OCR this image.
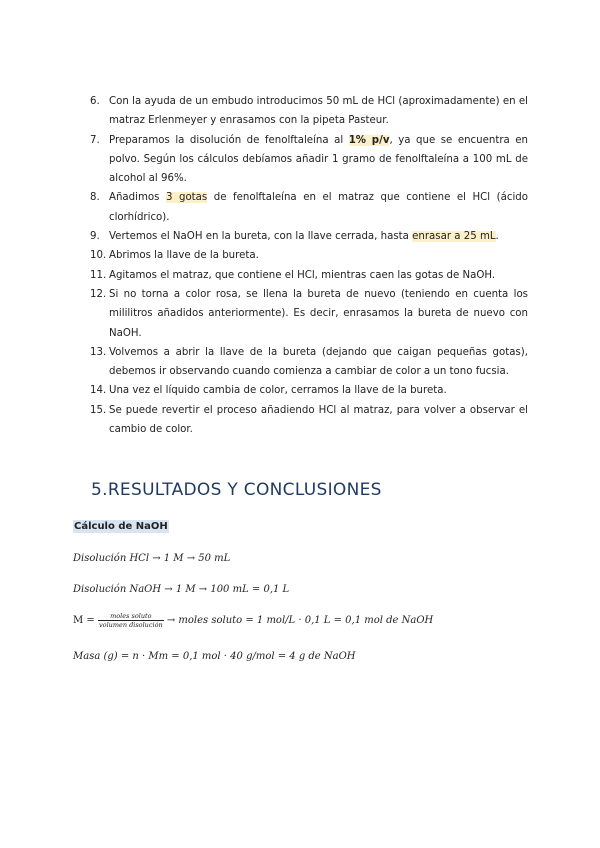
6. Con la ayuda de un embudo introducimos 50 mL de HCl (aproximadamente) en el matraz Erlenmeyer y enrasamos con la pipeta Pasteur.
7. Preparamos la disolución de fenolftaleína al 1% p/v, ya que se encuentra en polvo. Según los cálculos debíamos añadir 1 gramo de fenolftaleína a 100 mL de alcohol al 96%.
8. Añadimos 3 gotas de fenolftaleína en el matraz que contiene el HCl (ácido clorhídrico).
9. Vertemos el NaOH en la bureta, con la llave cerrada, hasta enrasar a 25 mL.
10. Abrimos la llave de la bureta.
11. Agitamos el matraz, que contiene el HCl, mientras caen las gotas de NaOH.
12. Si no torna a color rosa, se llena la bureta de nuevo (teniendo en cuenta los mililitros añadidos anteriormente). Es decir, enrasamos la bureta de nuevo con NaOH.
13. Volvemos a abrir la llave de la bureta (dejando que caigan pequeñas gotas), debemos ir observando cuando comienza a cambiar de color a un tono fucsia.
14. Una vez el líquido cambia de color, cerramos la llave de la bureta.
15. Se puede revertir el proceso añadiendo HCl al matraz, para volver a observar el cambio de color.
5.RESULTADOS Y CONCLUSIONES
Cálculo de NaOH
Disolución HCl → 1 M → 50 mL
Disolución NaOH → 1 M → 100 mL = 0,1 L
$M = \frac{\text{moles soluto}}{\text{volumen disolución}}$ → moles soluto = 1 mol/L · 0,1 L = 0,1 mol de NaOH
Masa (g) = n · Mm = 0,1 mol · 40 g/mol = 4 g de NaOH
